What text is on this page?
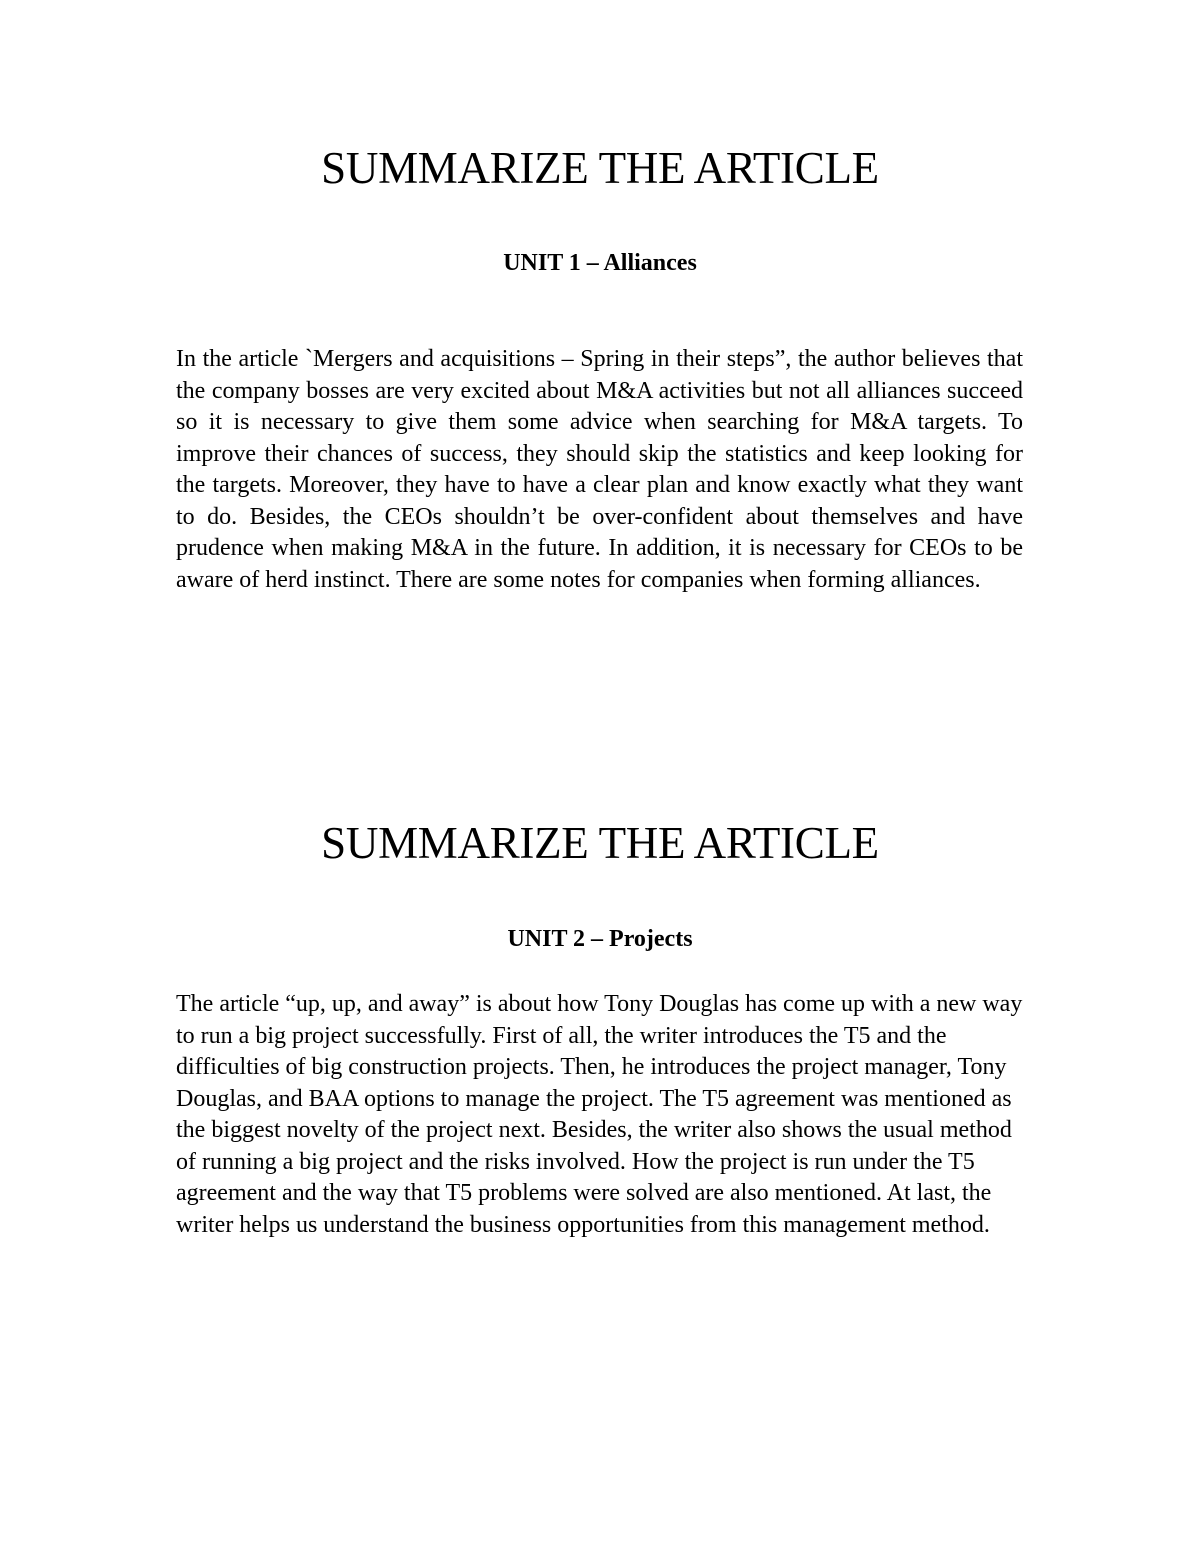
SUMMARIZE THE ARTICLE
UNIT 1 – Alliances

In the article `Mergers and acquisitions – Spring in their steps”, the author believes that the company bosses are very excited about M&A activities but not all alliances succeed so it is necessary to give them some advice when searching for M&A targets. To improve their chances of success, they should skip the statistics and keep looking for the targets. Moreover, they have to have a clear plan and know exactly what they want to do. Besides, the CEOs shouldn’t be over-confident about themselves and have prudence when making M&A in the future. In addition, it is necessary for CEOs to be aware of herd instinct. There are some notes for companies when forming alliances.

SUMMARIZE THE ARTICLE
UNIT 2 – Projects

The article “up, up, and away” is about how Tony Douglas has come up with a new way to run a big project successfully. First of all, the writer introduces the T5 and the difficulties of big construction projects. Then, he introduces the project manager, Tony Douglas, and BAA options to manage the project. The T5 agreement was mentioned as the biggest novelty of the project next. Besides, the writer also shows the usual method of running a big project and the risks involved. How the project is run under the T5 agreement and the way that T5 problems were solved are also mentioned. At last, the writer helps us understand the business opportunities from this management method.
